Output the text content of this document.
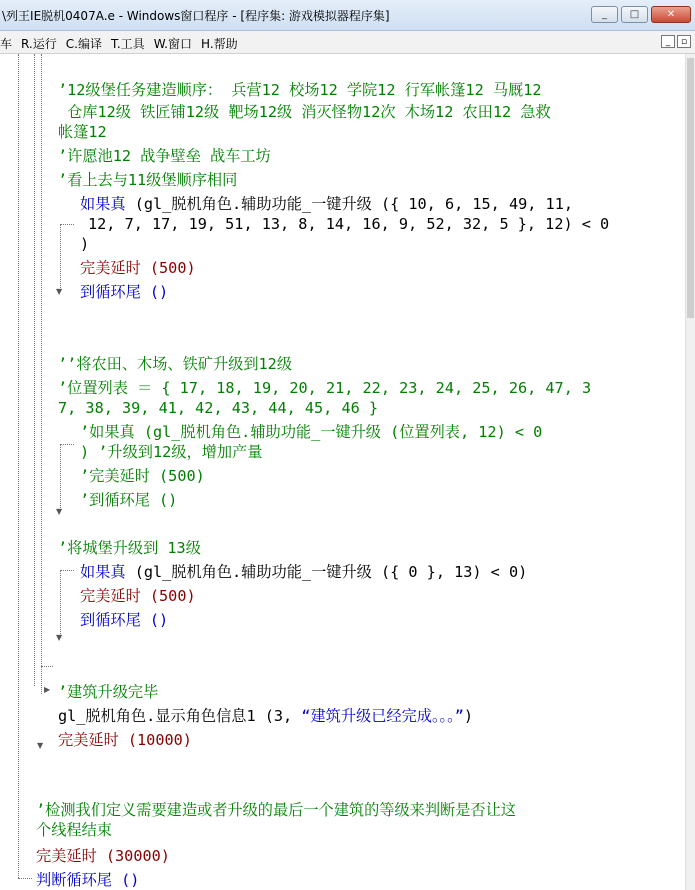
\列王IE脱机0407A.e - Windows窗口程序 - [程序集: 游戏模拟器程序集]	_	□	✕
车 R.运行 C.编译 T.工具 W.窗口 H.帮助	_	▫
▼
▼
▼
▶
▼
’12级堡任务建造顺序： 兵营12 校场12 学院12 行军帐篷12 马厩12
仓库12级 铁匠铺12级 靶场12级 消灭怪物12次 木场12 农田12 急救
帐篷12
’许愿池12 战争壁垒 战车工坊
’看上去与11级堡顺序相同
如果真 (gl_脱机角色.辅助功能_一键升级 ({ 10, 6, 15, 49, 11,
12, 7, 17, 19, 51, 13, 8, 14, 16, 9, 52, 32, 5 }, 12) < 0
)
完美延时 (500)
到循环尾 ()
’’将农田、木场、铁矿升级到12级
’位置列表 ＝ { 17, 18, 19, 20, 21, 22, 23, 24, 25, 26, 47, 3
7, 38, 39, 41, 42, 43, 44, 45, 46 }
’如果真 (gl_脱机角色.辅助功能_一键升级 (位置列表, 12) < 0
) ’升级到12级，增加产量
’完美延时 (500)
’到循环尾 ()
’将城堡升级到 13级
如果真 (gl_脱机角色.辅助功能_一键升级 ({ 0 }, 13) < 0)
完美延时 (500)
到循环尾 ()
’建筑升级完毕
gl_脱机角色.显示角色信息1 (3, “建筑升级已经完成。。。”)
完美延时 (10000)
’检测我们定义需要建造或者升级的最后一个建筑的等级来判断是否让这
个线程结束
完美延时 (30000)
判断循环尾 ()
